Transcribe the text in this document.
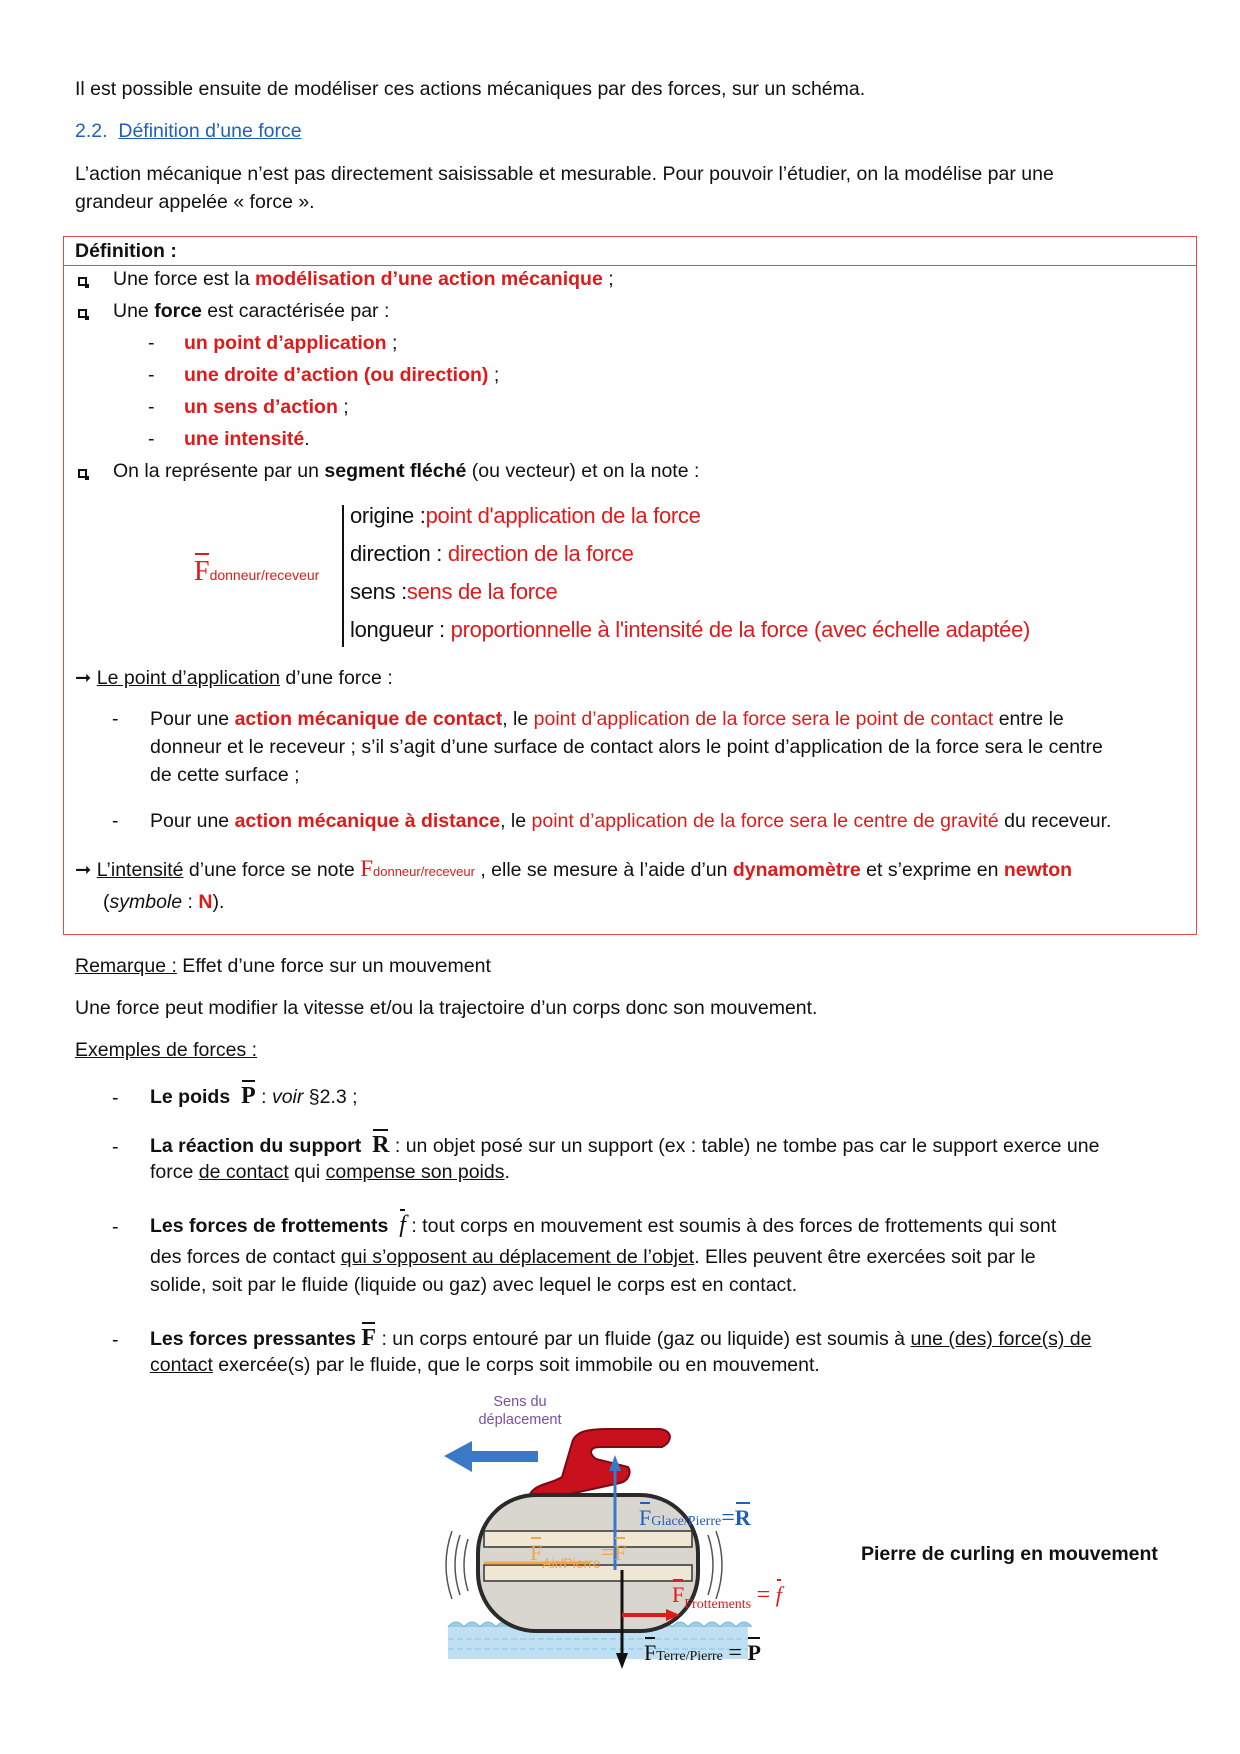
Il est possible ensuite de modéliser ces actions mécaniques par des forces, sur un schéma.
2.2. Définition d’une force
L’action mécanique n’est pas directement saisissable et mesurable. Pour pouvoir l’étudier, on la modélise par une
grandeur appelée « force ».
Définition :
Une force est la modélisation d’une action mécanique ;
Une force est caractérisée par :
- un point d’application ;
- une droite d’action (ou direction) ;
- un sens d’action ;
- une intensité.
On la représente par un segment fléché (ou vecteur) et on la note :
Fdonneur/receveur
origine :point d'application de la force
direction : direction de la force
sens :sens de la force
longueur : proportionnelle à l'intensité de la force (avec échelle adaptée)
➞ Le point d’application d’une force :
- Pour une action mécanique de contact, le point d’application de la force sera le point de contact entre le
donneur et le receveur ; s’il s’agit d’une surface de contact alors le point d’application de la force sera le centre
de cette surface ;
- Pour une action mécanique à distance, le point d’application de la force sera le centre de gravité du receveur.
➞ L’intensité d’une force se note Fdonneur/receveur , elle se mesure à l’aide d’un dynamomètre et s’exprime en newton
(symbole : N).
Remarque : Effet d’une force sur un mouvement
Une force peut modifier la vitesse et/ou la trajectoire d’un corps donc son mouvement.
Exemples de forces :
- Le poids P : voir §2.3 ;
- La réaction du support R : un objet posé sur un support (ex : table) ne tombe pas car le support exerce une
force de contact qui compense son poids.
- Les forces de frottements f : tout corps en mouvement est soumis à des forces de frottements qui sont
des forces de contact qui s’opposent au déplacement de l’objet. Elles peuvent être exercées soit par le
solide, soit par le fluide (liquide ou gaz) avec lequel le corps est en contact.
- Les forces pressantes F : un corps entouré par un fluide (gaz ou liquide) est soumis à une (des) force(s) de
contact exercée(s) par le fluide, que le corps soit immobile ou en mouvement.
Sens du
déplacement
FGlace/Pierre=R
$F_{Air/Pierre}=F$
$F_{Frottements} = f$
FTerre/Pierre = P
Pierre de curling en mouvement
